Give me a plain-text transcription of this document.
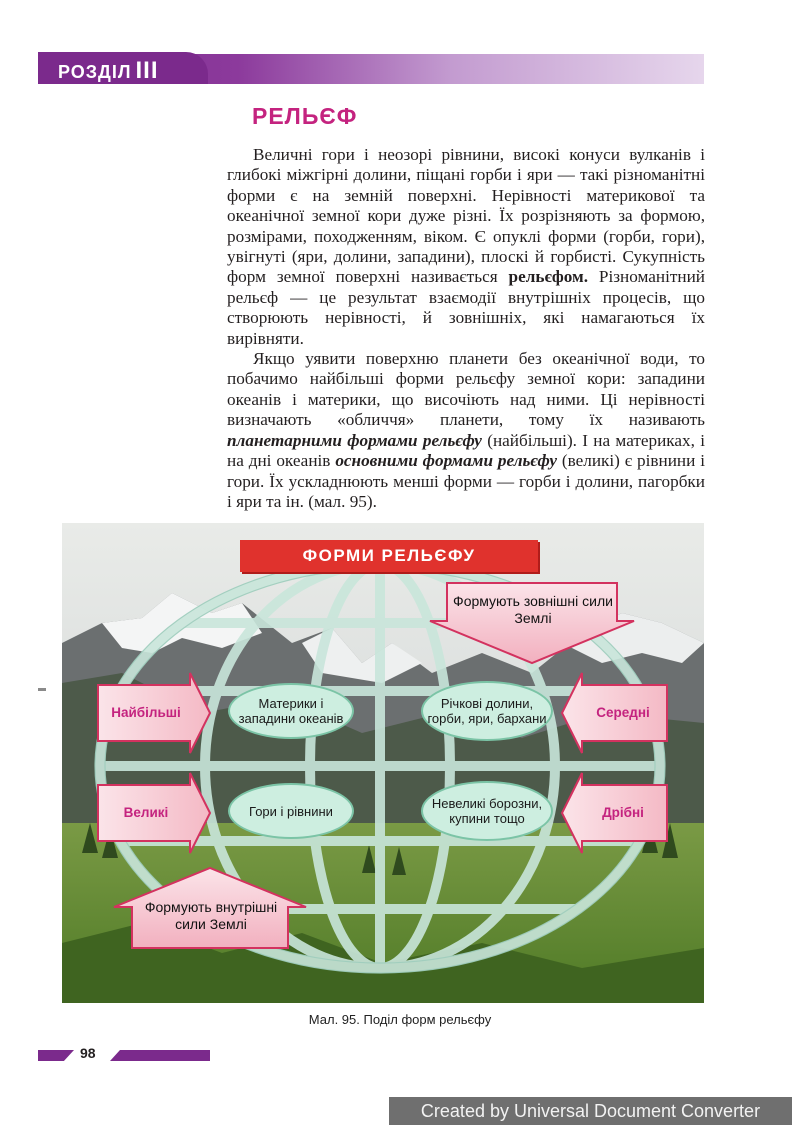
РОЗДІЛ III
РЕЛЬЄФ

Величні гори і неозорі рівнини, високі конуси вулканів і глибокі міжгірні долини, піщані горби і яри — такі різноманітні форми є на земній поверхні. Нерівності материкової та океанічної земної кори дуже різні. Їх розрізняють за формою, розмірами, походженням, віком. Є опуклі форми (горби, гори), увігнуті (яри, долини, западини), плоскі й горбисті. Сукупність форм земної поверхні називається рельєфом. Різноманітний рельєф — це результат взаємодії внутрішніх процесів, що створюють нерівності, й зовнішніх, які намагаються їх вирівняти.

Якщо уявити поверхню планети без океанічної води, то побачимо найбільші форми рельєфу земної кори: западини океанів і материки, що височіють над ними. Ці нерівності визначають «обличчя» планети, тому їх називають планетарними формами рельєфу (найбільші). І на материках, і на дні океанів основними формами рельєфу (великі) є рівнини і гори. Їх ускладнюють менші форми — горби і долини, пагорбки і яри та ін. (мал. 95).

ФОРМИ РЕЛЬЄФУ
Формують зовнішні сили Землі
Формують внутрішні сили Землі
Найбільші
Великі
Середні
Дрібні
Материки і западини океанів
Гори і рівнини
Річкові долини, горби, яри, бархани
Невеликі борозни, купини тощо
Мал. 95. Поділ форм рельєфу
98
Created by Universal Document Converter
